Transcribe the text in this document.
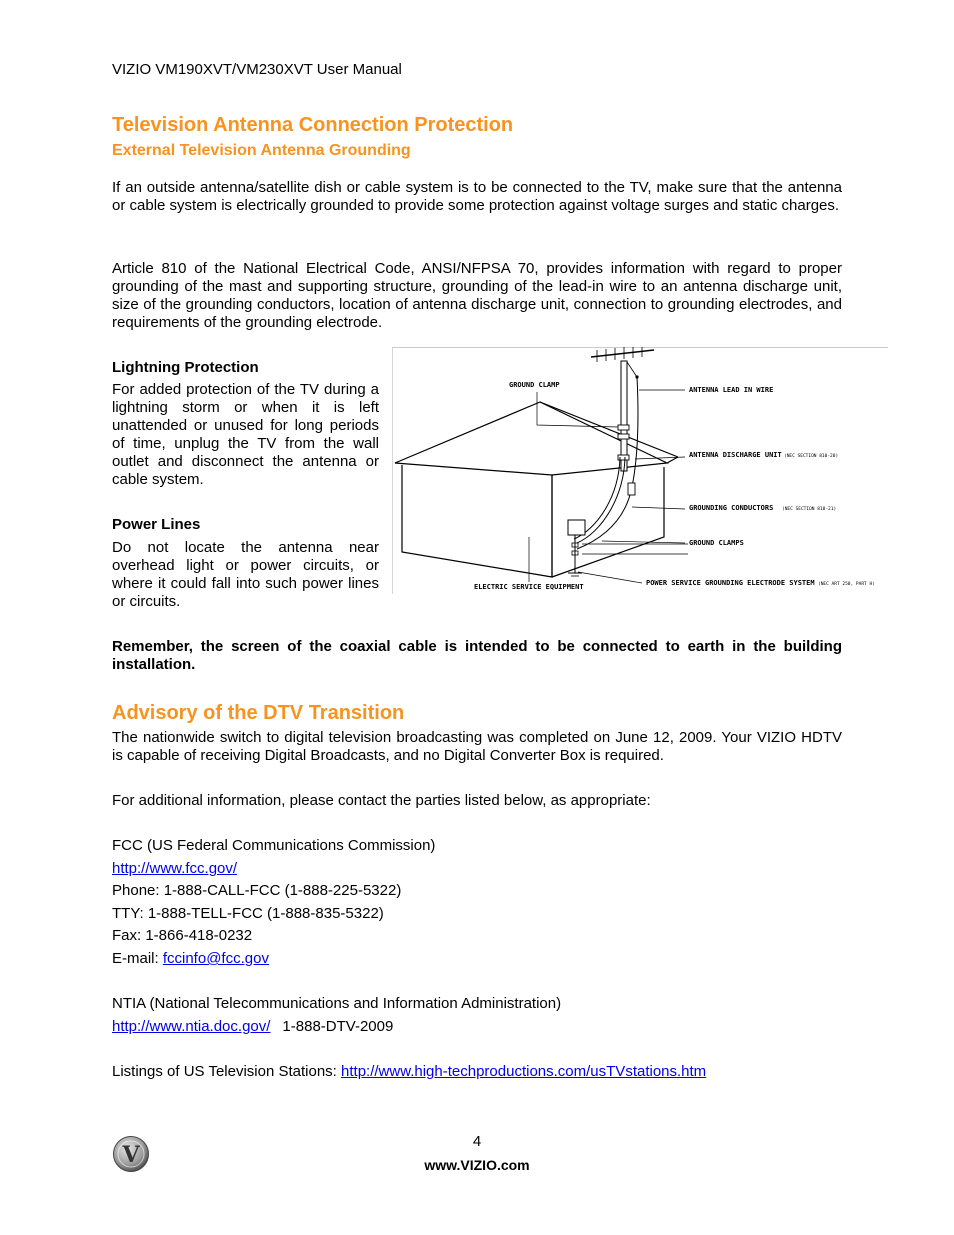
VIZIO VM190XVT/VM230XVT User Manual
Television Antenna Connection Protection
External Television Antenna Grounding

If an outside antenna/satellite dish or cable system is to be connected to the TV, make sure that the antenna or cable system is electrically grounded to provide some protection against voltage surges and static charges.

Article 810 of the National Electrical Code, ANSI/NFPSA 70, provides information with regard to proper grounding of the mast and supporting structure, grounding of the lead-in wire to an antenna discharge unit, size of the grounding conductors, location of antenna discharge unit, connection to grounding electrodes, and requirements of the grounding electrode.

Lightning Protection

For added protection of the TV during a lightning storm or when it is left unattended or unused for long periods of time, unplug the TV from the wall outlet and disconnect the antenna or cable system.

Power Lines

Do not locate the antenna near overhead light or power circuits, or where it could fall into such power lines or circuits.

GROUND CLAMP
ANTENNA LEAD IN WIRE
ANTENNA DISCHARGE UNIT (NEC SECTION 810-20)
GROUNDING CONDUCTORS (NEC SECTION 810-21)
GROUND CLAMPS
ELECTRIC SERVICE EQUIPMENT	POWER SERVICE GROUNDING ELECTRODE SYSTEM (NEC ART 250, PART H)

Remember, the screen of the coaxial cable is intended to be connected to earth in the building installation.

Advisory of the DTV Transition

The nationwide switch to digital television broadcasting was completed on June 12, 2009. Your VIZIO HDTV is capable of receiving Digital Broadcasts, and no Digital Converter Box is required.

For additional information, please contact the parties listed below, as appropriate:
FCC (US Federal Communications Commission)
http://www.fcc.gov/
Phone: 1-888-CALL-FCC (1-888-225-5322)
TTY: 1-888-TELL-FCC (1-888-835-5322)
Fax: 1-866-418-0232
E-mail: fccinfo@fcc.gov
NTIA (National Telecommunications and Information Administration)
http://www.ntia.doc.gov/ 1-888-DTV-2009
Listings of US Television Stations: http://www.high-techproductions.com/usTVstations.htm
V
4
www.VIZIO.com
